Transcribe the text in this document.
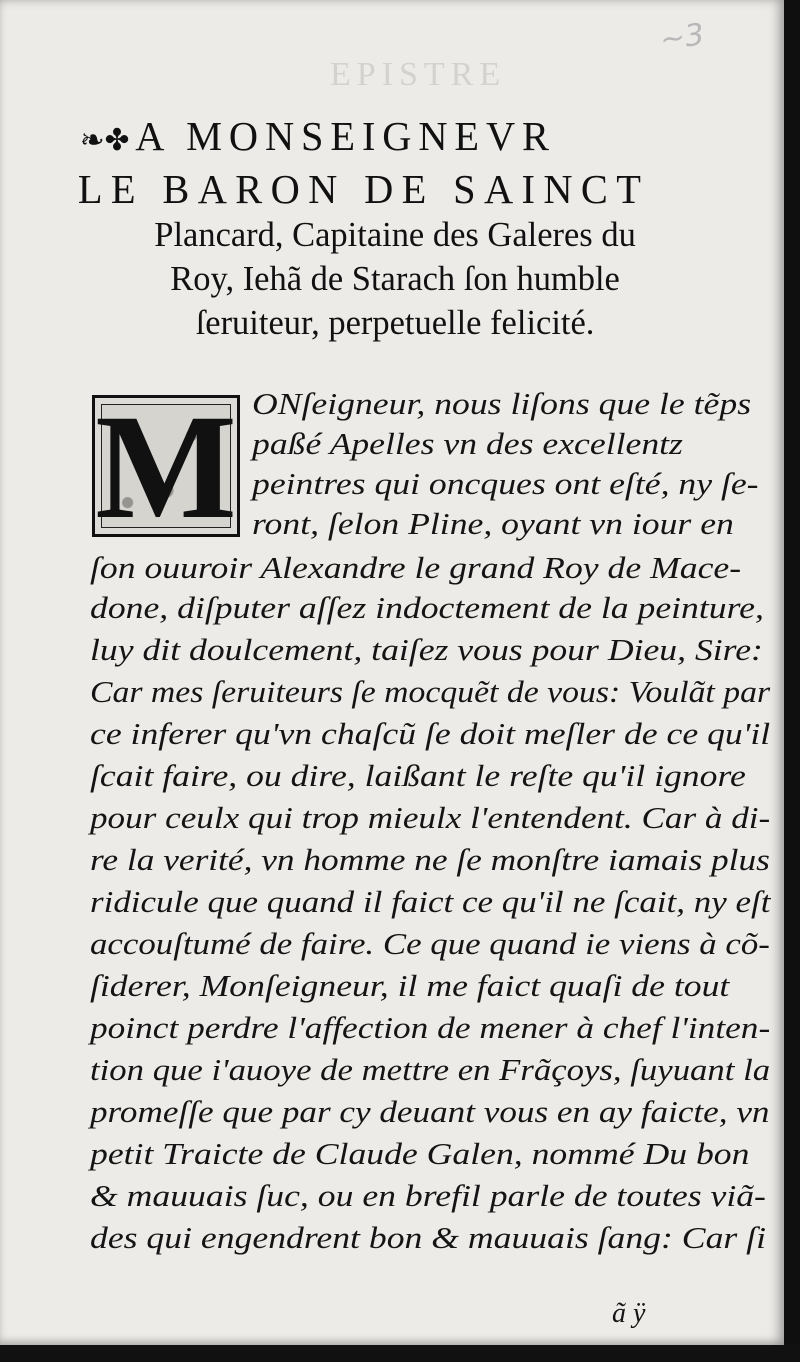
EPISTRE
~3
❧✤ A MONSEIGNEVR
LE BARON DE SAINCT
Plancard, Capitaine des Galeres du
Roy, Iehã de Starach ſon humble
ſeruiteur, perpetuelle felicité.
M ONſeigneur, nous liſons que le tẽps
paßé Apelles vn des excellentz
peintres qui oncques ont eſté, ny ſe-
ront, ſelon Pline, oyant vn iour en
ſon ouuroir Alexandre le grand Roy de Mace-
done, diſputer aſſez indoctement de la peinture,
luy dit doulcement, taiſez vous pour Dieu, Sire:
Car mes ſeruiteurs ſe mocquẽt de vous: Voulãt par
ce inferer qu'vn chaſcũ ſe doit meſler de ce qu'il
ſcait faire, ou dire, laißant le reſte qu'il ignore
pour ceulx qui trop mieulx l'entendent. Car à di-
re la verité, vn homme ne ſe monſtre iamais plus
ridicule que quand il faict ce qu'il ne ſcait, ny eſt
accouſtumé de faire. Ce que quand ie viens à cõ-
ſiderer, Monſeigneur, il me faict quaſi de tout
poinct perdre l'affection de mener à chef l'inten-
tion que i'auoye de mettre en Frãçoys, ſuyuant la
promeſſe que par cy deuant vous en ay faicte, vn
petit Traicte de Claude Galen, nommé Du bon
& mauuais ſuc, ou en brefil parle de toutes viã-
des qui engendrent bon & mauuais ſang: Car ſi
ã ÿ
